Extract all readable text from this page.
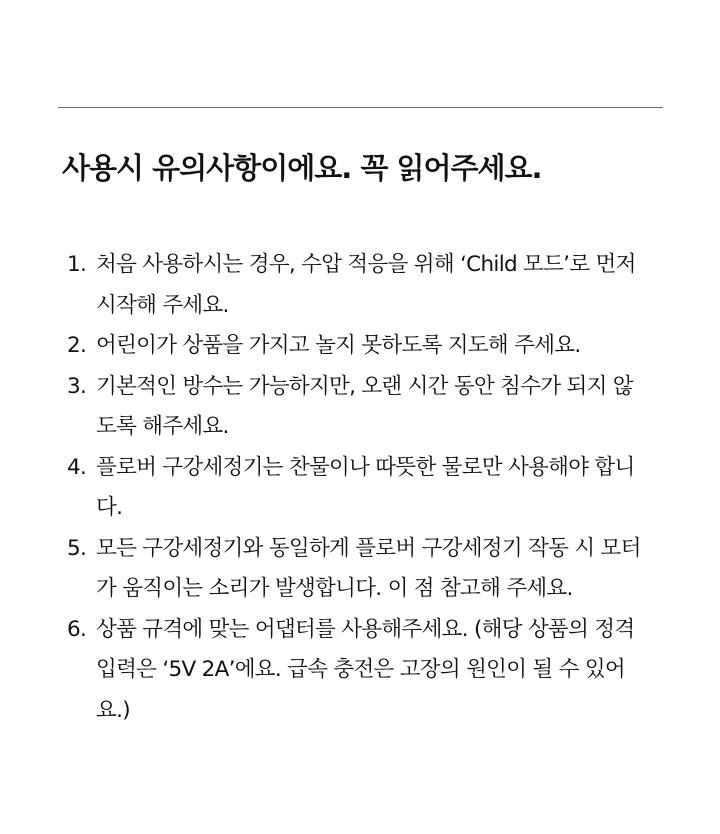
사용시 유의사항이에요. 꼭 읽어주세요.
1. 처음 사용하시는 경우, 수압 적응을 위해 ‘Child 모드’로 먼저
시작해 주세요.
2. 어린이가 상품을 가지고 놀지 못하도록 지도해 주세요.
3. 기본적인 방수는 가능하지만, 오랜 시간 동안 침수가 되지 않
도록 해주세요.
4. 플로버 구강세정기는 찬물이나 따뜻한 물로만 사용해야 합니
다.
5. 모든 구강세정기와 동일하게 플로버 구강세정기 작동 시 모터
가 움직이는 소리가 발생합니다. 이 점 참고해 주세요.
6. 상품 규격에 맞는 어댑터를 사용해주세요. (해당 상품의 정격
입력은 ‘5V 2A’에요. 급속 충전은 고장의 원인이 될 수 있어
요.)
